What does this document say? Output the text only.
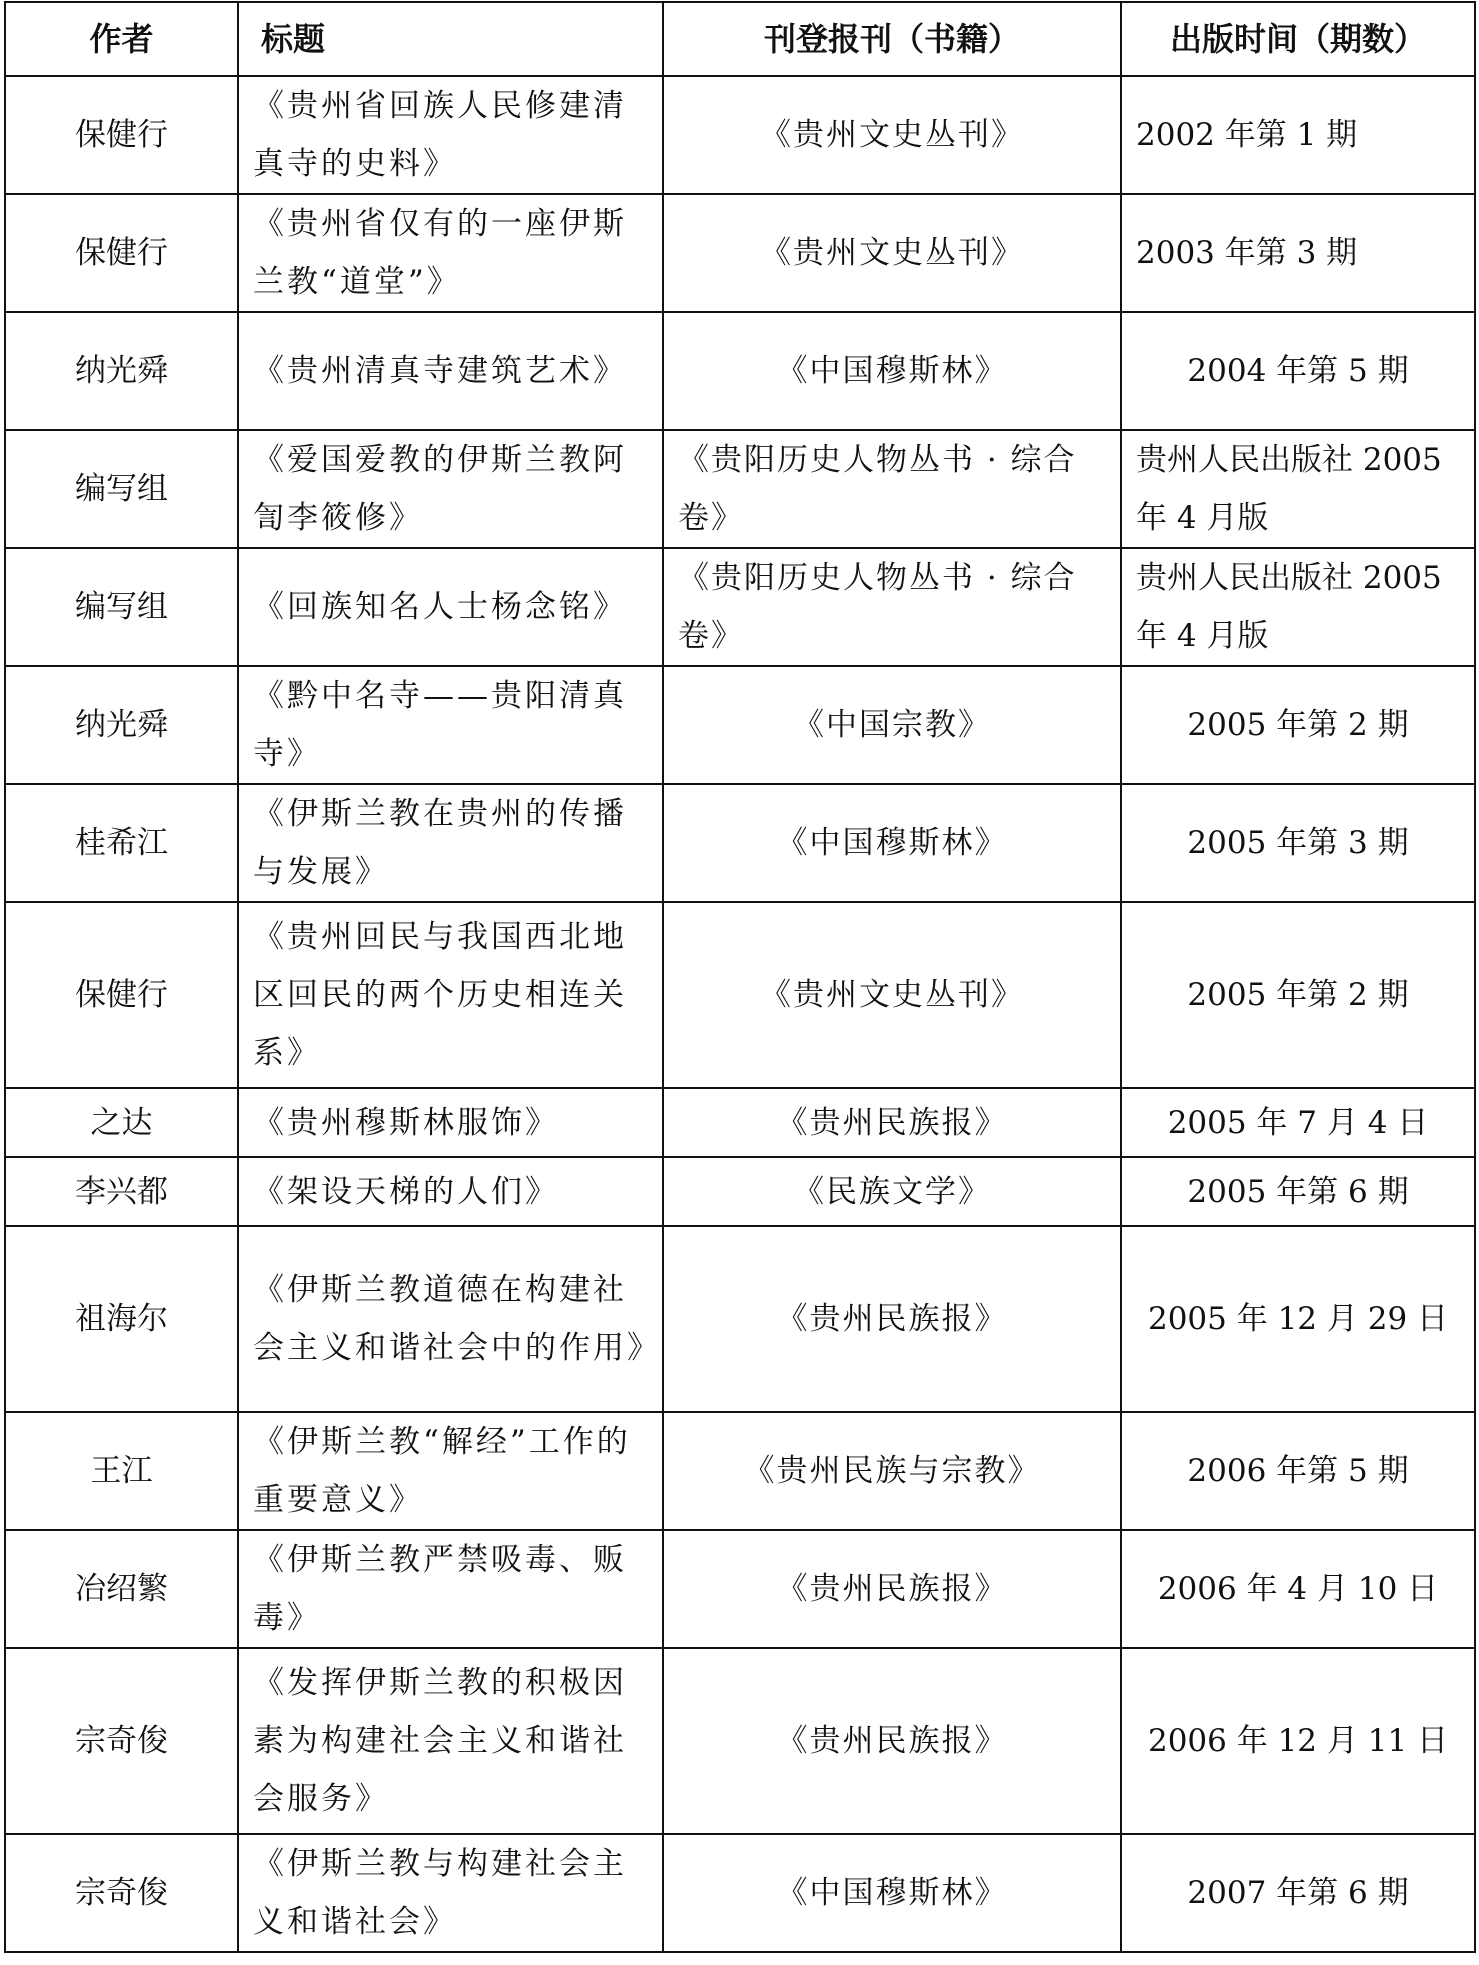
作者	标题	刊登报刊（书籍）	出版时间（期数）
保健行	《贵州省回族人民修建清真寺的史料》	《贵州文史丛刊》	2002 年第 1 期
保健行	《贵州省仅有的一座伊斯兰教“道堂”》	《贵州文史丛刊》	2003 年第 3 期
纳光舜	《贵州清真寺建筑艺术》	《中国穆斯林》	2004 年第 5 期
编写组	《爱国爱教的伊斯兰教阿訇李筱修》	《贵阳历史人物丛书 · 综合卷》	贵州人民出版社 2005 年 4 月版
编写组	《回族知名人士杨念铭》	《贵阳历史人物丛书 · 综合卷》	贵州人民出版社 2005 年 4 月版
纳光舜	《黔中名寺——贵阳清真寺》	《中国宗教》	2005 年第 2 期
桂希江	《伊斯兰教在贵州的传播与发展》	《中国穆斯林》	2005 年第 3 期
保健行	《贵州回民与我国西北地区回民的两个历史相连关系》	《贵州文史丛刊》	2005 年第 2 期
之达	《贵州穆斯林服饰》	《贵州民族报》	2005 年 7 月 4 日
李兴都	《架设天梯的人们》	《民族文学》	2005 年第 6 期
祖海尔	《伊斯兰教道德在构建社会主义和谐社会中的作用》	《贵州民族报》	2005 年 12 月 29 日
王江	《伊斯兰教“解经”工作的重要意义》	《贵州民族与宗教》	2006 年第 5 期
冶绍繁	《伊斯兰教严禁吸毒、贩毒》	《贵州民族报》	2006 年 4 月 10 日
宗奇俊	《发挥伊斯兰教的积极因素为构建社会主义和谐社会服务》	《贵州民族报》	2006 年 12 月 11 日
宗奇俊	《伊斯兰教与构建社会主义和谐社会》	《中国穆斯林》	2007 年第 6 期
